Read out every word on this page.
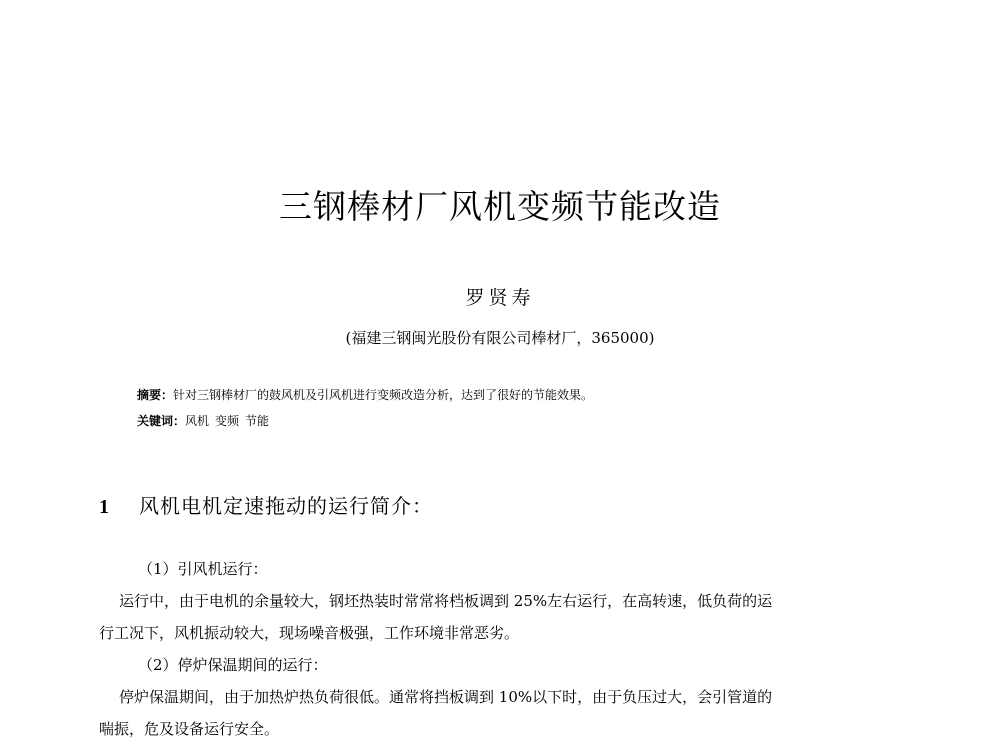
三钢棒材厂风机变频节能改造
罗贤寿
(福建三钢闽光股份有限公司棒材厂，365000)
摘要：针对三钢棒材厂的鼓风机及引风机进行变频改造分析，达到了很好的节能效果。
关键词：风机 变频 节能
1 风机电机定速拖动的运行简介：
（1）引风机运行：
运行中，由于电机的余量较大，钢坯热装时常常将档板调到 25%左右运行，在高转速，低负荷的运
行工况下，风机振动较大，现场噪音极强，工作环境非常恶劣。
（2）停炉保温期间的运行：
停炉保温期间，由于加热炉热负荷很低。通常将挡板调到 10%以下时，由于负压过大，会引管道的
喘振，危及设备运行安全。
